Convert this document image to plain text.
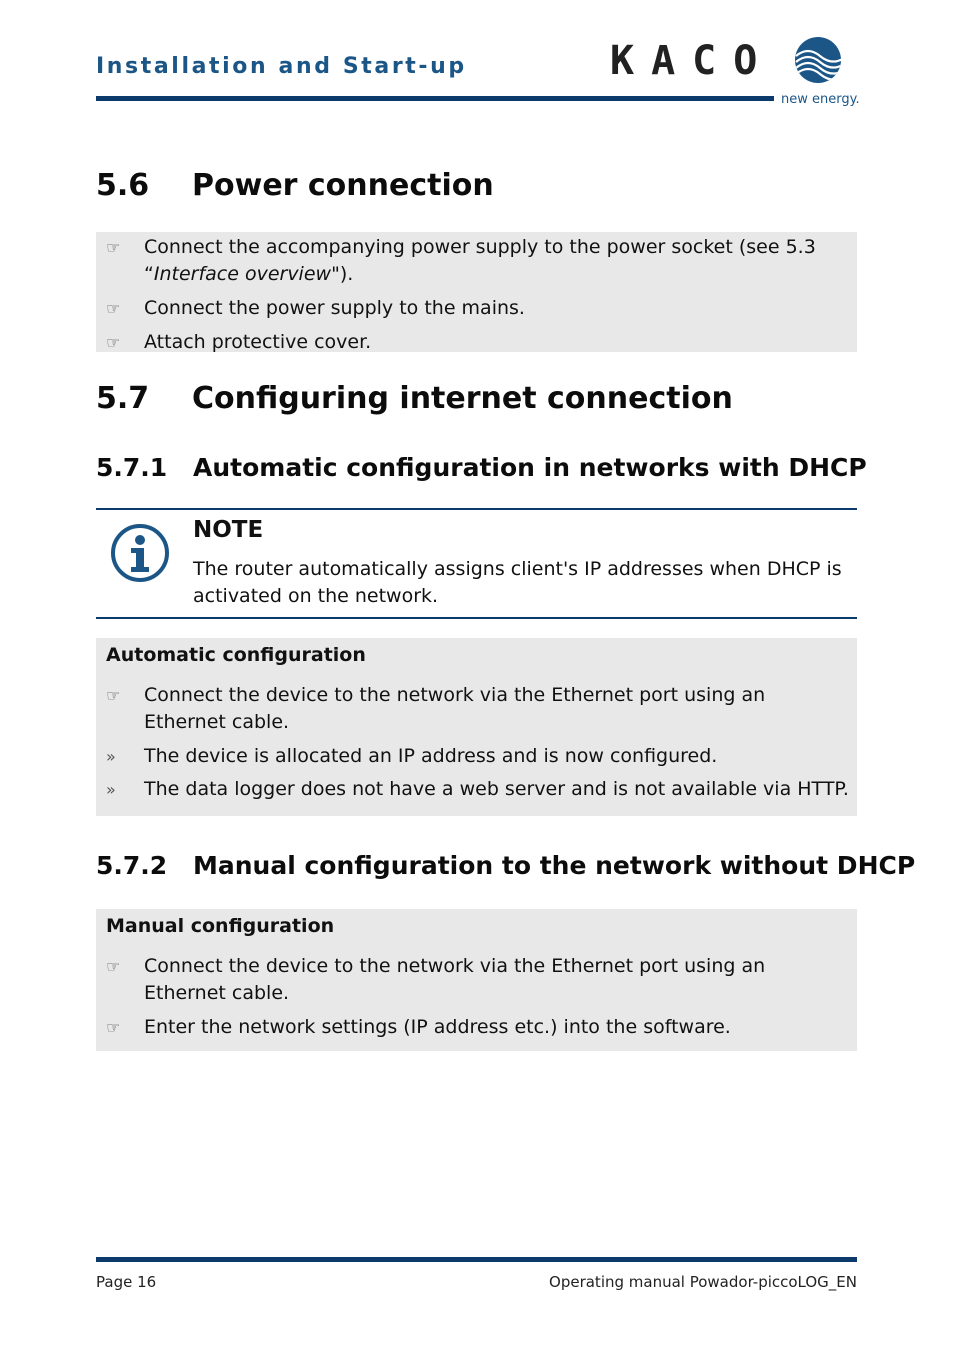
Installation and Start-up	KACO
new energy.
5.6 Power connection
☞ Connect the accompanying power supply to the power socket (see 5.3 “Interface overview").
☞ Connect the power supply to the mains.
☞ Attach protective cover.
5.7 Configuring internet connection
5.7.1 Automatic configuration in networks with DHCP
NOTE
The router automatically assigns client's IP addresses when DHCP is activated on the network.
Automatic configuration
☞ Connect the device to the network via the Ethernet port using an Ethernet cable.
» The device is allocated an IP address and is now configured.
» The data logger does not have a web server and is not available via HTTP.
5.7.2 Manual configuration to the network without DHCP
Manual configuration
☞ Connect the device to the network via the Ethernet port using an Ethernet cable.
☞ Enter the network settings (IP address etc.) into the software.
Page 16	Operating manual Powador-piccoLOG_EN
